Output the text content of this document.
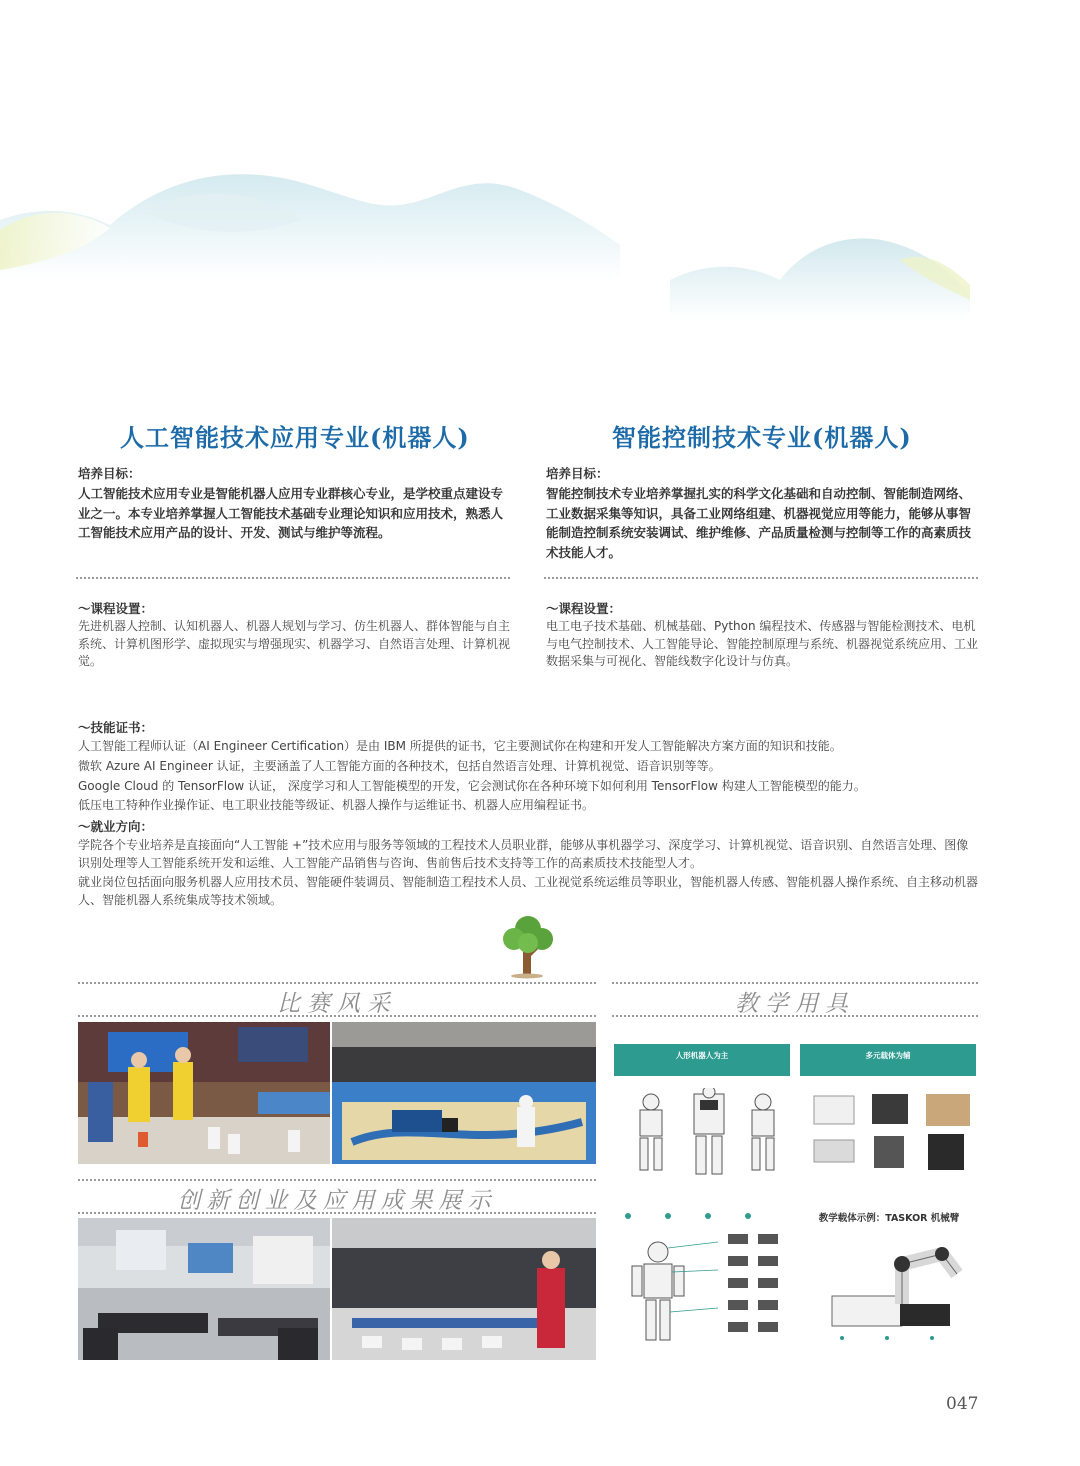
人工智能技术应用专业(机器人)
培养目标：
人工智能技术应用专业是智能机器人应用专业群核心专业，是学校重点建设专业之一。本专业培养掌握人工智能技术基础专业理论知识和应用技术，熟悉人工智能技术应用产品的设计、开发、测试与维护等流程。
～课程设置：
先进机器人控制、认知机器人、机器人规划与学习、仿生机器人、群体智能与自主系统、计算机图形学、虚拟现实与增强现实、机器学习、自然语言处理、计算机视觉。
智能控制技术专业(机器人)
培养目标：
智能控制技术专业培养掌握扎实的科学文化基础和自动控制、智能制造网络、工业数据采集等知识，具备工业网络组建、机器视觉应用等能力，能够从事智能制造控制系统安装调试、维护维修、产品质量检测与控制等工作的高素质技术技能人才。
～课程设置：
电工电子技术基础、机械基础、Python 编程技术、传感器与智能检测技术、电机与电气控制技术、人工智能导论、智能控制原理与系统、机器视觉系统应用、工业数据采集与可视化、智能线数字化设计与仿真。
～技能证书：
人工智能工程师认证（AI Engineer Certification）是由 IBM 所提供的证书，它主要测试你在构建和开发人工智能解决方案方面的知识和技能。
微软 Azure AI Engineer 认证，主要涵盖了人工智能方面的各种技术，包括自然语言处理、计算机视觉、语音识别等等。
Google Cloud 的 TensorFlow 认证， 深度学习和人工智能模型的开发，它会测试你在各种环境下如何利用 TensorFlow 构建人工智能模型的能力。
低压电工特种作业操作证、电工职业技能等级证、机器人操作与运维证书、机器人应用编程证书。
～就业方向：
学院各个专业培养是直接面向“人工智能 +”技术应用与服务等领域的工程技术人员职业群，能够从事机器学习、深度学习、计算机视觉、语音识别、自然语言处理、图像识别处理等人工智能系统开发和运维、人工智能产品销售与咨询、售前售后技术支持等工作的高素质技术技能型人才。
就业岗位包括面向服务机器人应用技术员、智能硬件装调员、智能制造工程技术人员、工业视觉系统运维员等职业，智能机器人传感、智能机器人操作系统、自主移动机器人、智能机器人系统集成等技术领域。
比赛风采	教学用具
创新创业及应用成果展示
人形机器人为主	多元载体为辅
教学载体示例：TASKOR 机械臂
047
